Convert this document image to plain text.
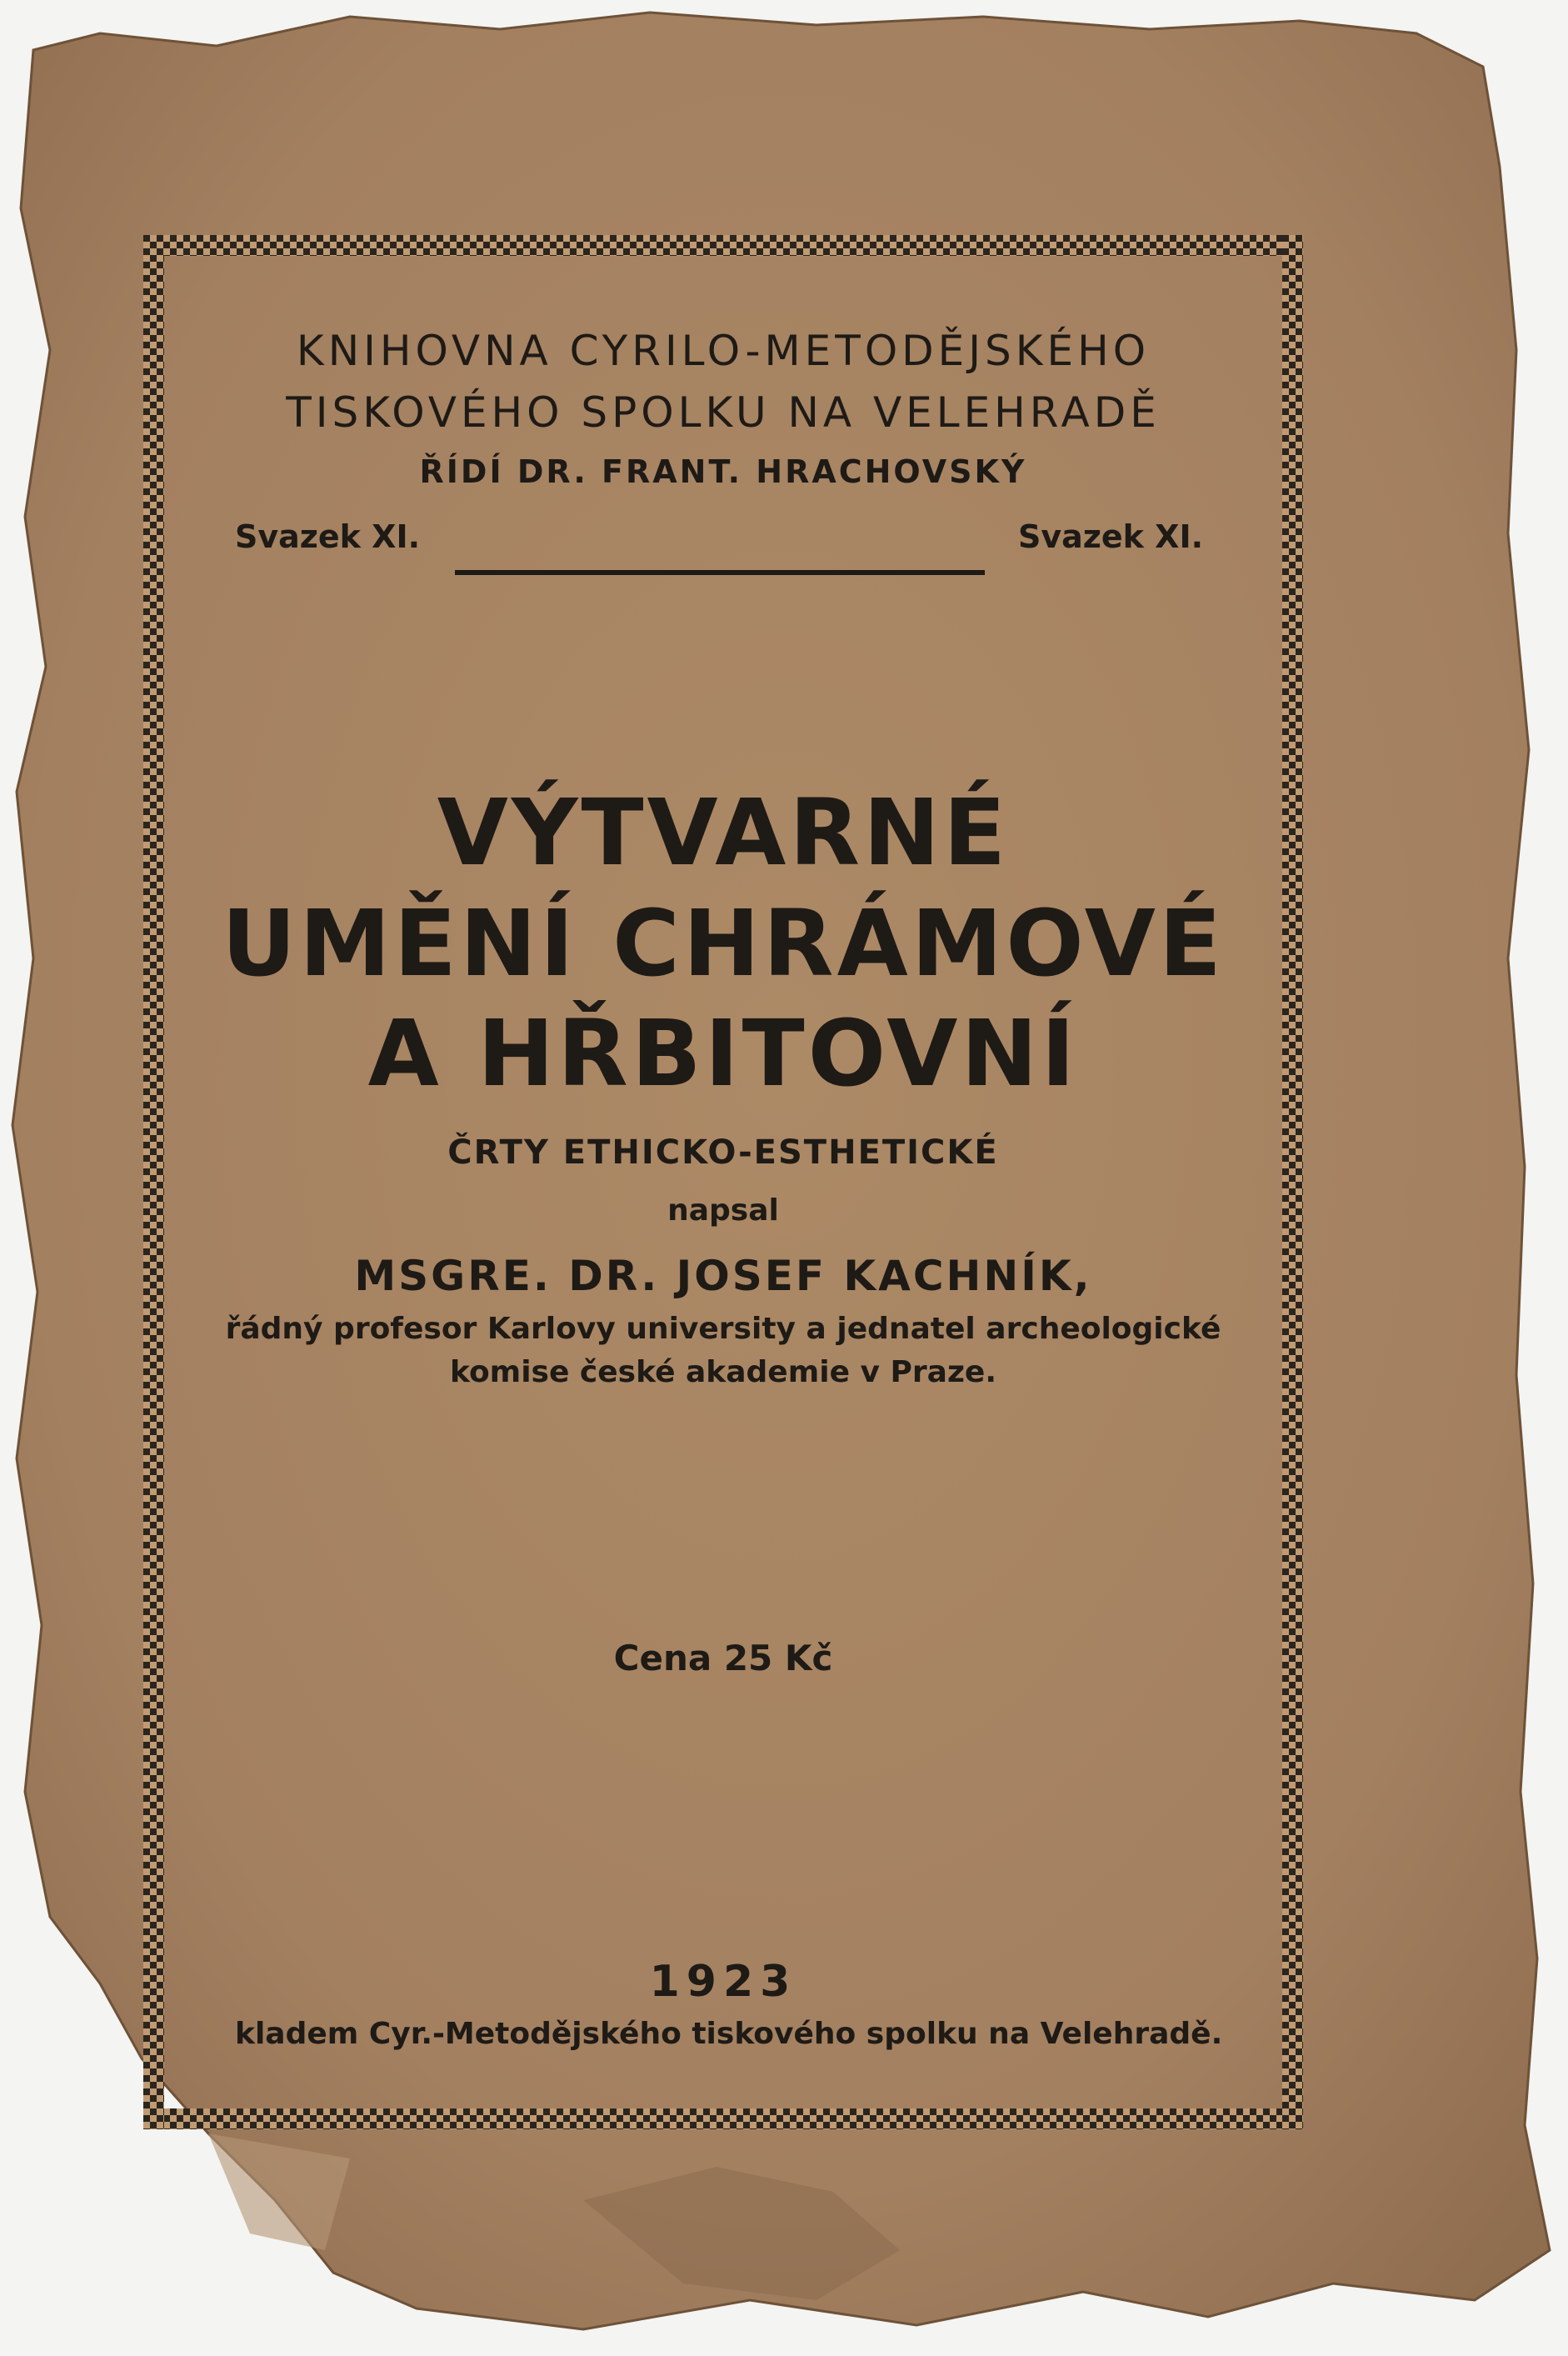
KNIHOVNA CYRILO-METODĚJSKÉHO
TISKOVÉHO SPOLKU NA VELEHRADĚ
ŘÍDÍ DR. FRANT. HRACHOVSKÝ
Svazek XI.	Svazek XI.
VÝTVARNÉ
UMĚNÍ CHRÁMOVÉ
A HŘBITOVNÍ
ČRTY ETHICKO-ESTHETICKÉ
napsal
MSGRE. DR. JOSEF KACHNÍK,
řádný profesor Karlovy university a jednatel archeologické
komise české akademie v Praze.
Cena 25 Kč
1923
kladem Cyr.-Metodějského tiskového spolku na Velehradě.
